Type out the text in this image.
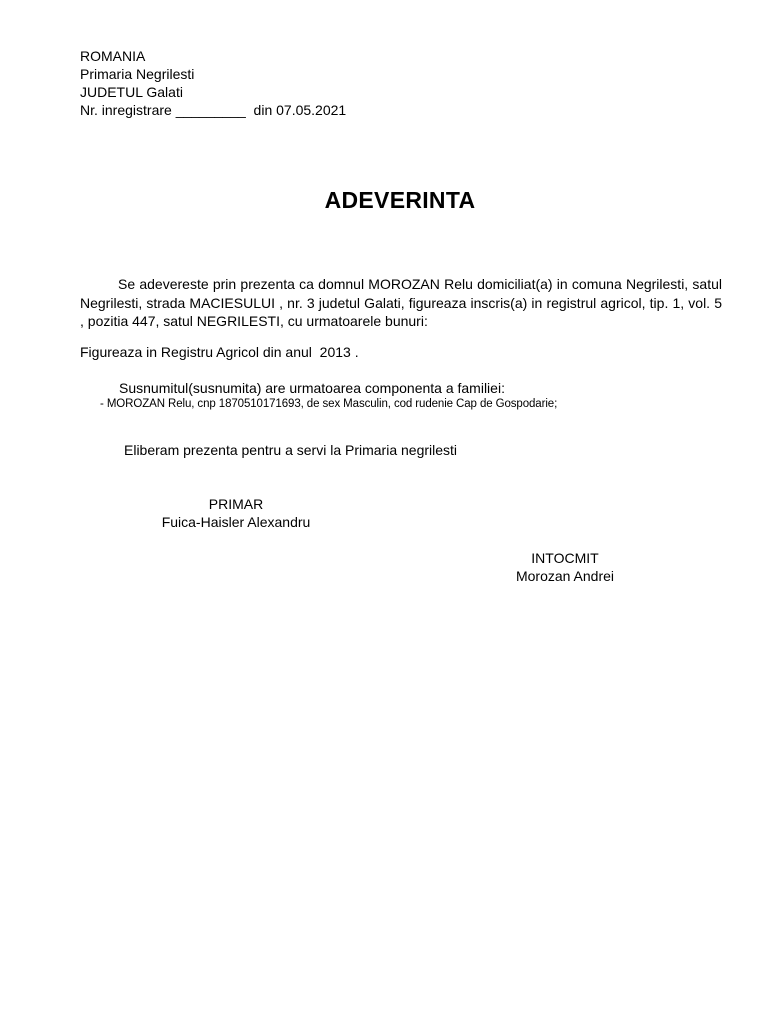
ROMANIA
Primaria Negrilesti
JUDETUL Galati
Nr. inregistrare _________  din 07.05.2021
ADEVERINTA
Se adevereste prin prezenta ca domnul MOROZAN Relu domiciliat(a) in comuna Negrilesti, satul Negrilesti, strada MACIESULUI , nr. 3 judetul Galati, figureaza inscris(a) in registrul agricol, tip. 1, vol. 5 , pozitia 447, satul NEGRILESTI, cu urmatoarele bunuri:
Figureaza in Registru Agricol din anul  2013 .
Susnumitul(susnumita) are urmatoarea componenta a familiei:
- MOROZAN Relu, cnp 1870510171693, de sex Masculin, cod rudenie Cap de Gospodarie;
Eliberam prezenta pentru a servi la Primaria negrilesti
PRIMAR
Fuica-Haisler Alexandru
INTOCMIT
Morozan Andrei
